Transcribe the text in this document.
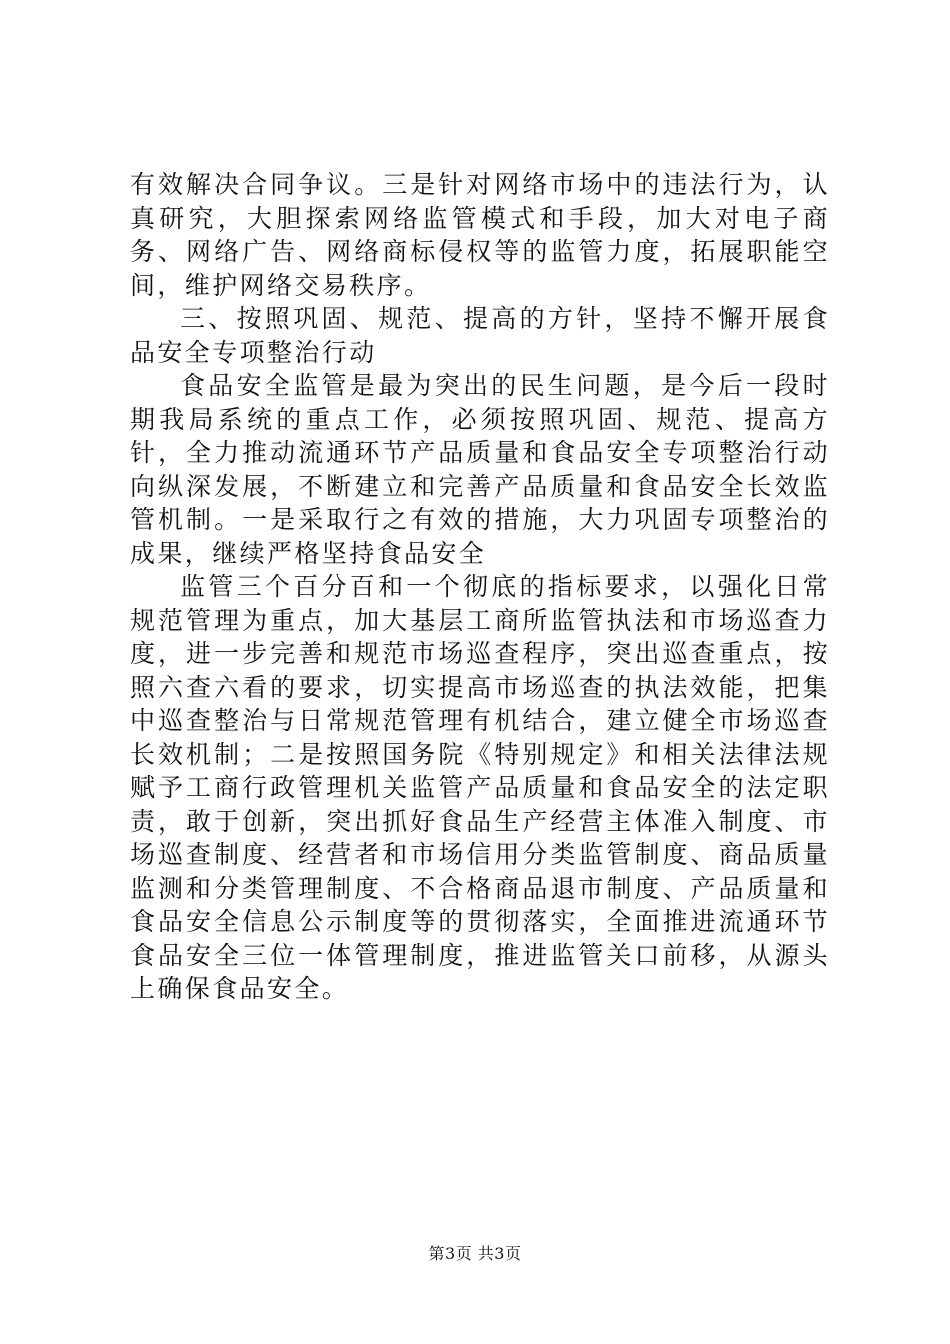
有效解决合同争议。三是针对网络市场中的违法行为，认真研究，大胆探索网络监管模式和手段，加大对电子商务、网络广告、网络商标侵权等的监管力度，拓展职能空间，维护网络交易秩序。

三、按照巩固、规范、提高的方针，坚持不懈开展食品安全专项整治行动

食品安全监管是最为突出的民生问题，是今后一段时期我局系统的重点工作，必须按照巩固、规范、提高方针，全力推动流通环节产品质量和食品安全专项整治行动向纵深发展，不断建立和完善产品质量和食品安全长效监管机制。一是采取行之有效的措施，大力巩固专项整治的成果，继续严格坚持食品安全

监管三个百分百和一个彻底的指标要求，以强化日常规范管理为重点，加大基层工商所监管执法和市场巡查力度，进一步完善和规范市场巡查程序，突出巡查重点，按照六查六看的要求，切实提高市场巡查的执法效能，把集中巡查整治与日常规范管理有机结合，建立健全市场巡查长效机制；二是按照国务院《特别规定》和相关法律法规赋予工商行政管理机关监管产品质量和食品安全的法定职责，敢于创新，突出抓好食品生产经营主体准入制度、市场巡查制度、经营者和市场信用分类监管制度、商品质量监测和分类管理制度、不合格商品退市制度、产品质量和食品安全信息公示制度等的贯彻落实，全面推进流通环节食品安全三位一体管理制度，推进监管关口前移，从源头上确保食品安全。

第3页 共3页
